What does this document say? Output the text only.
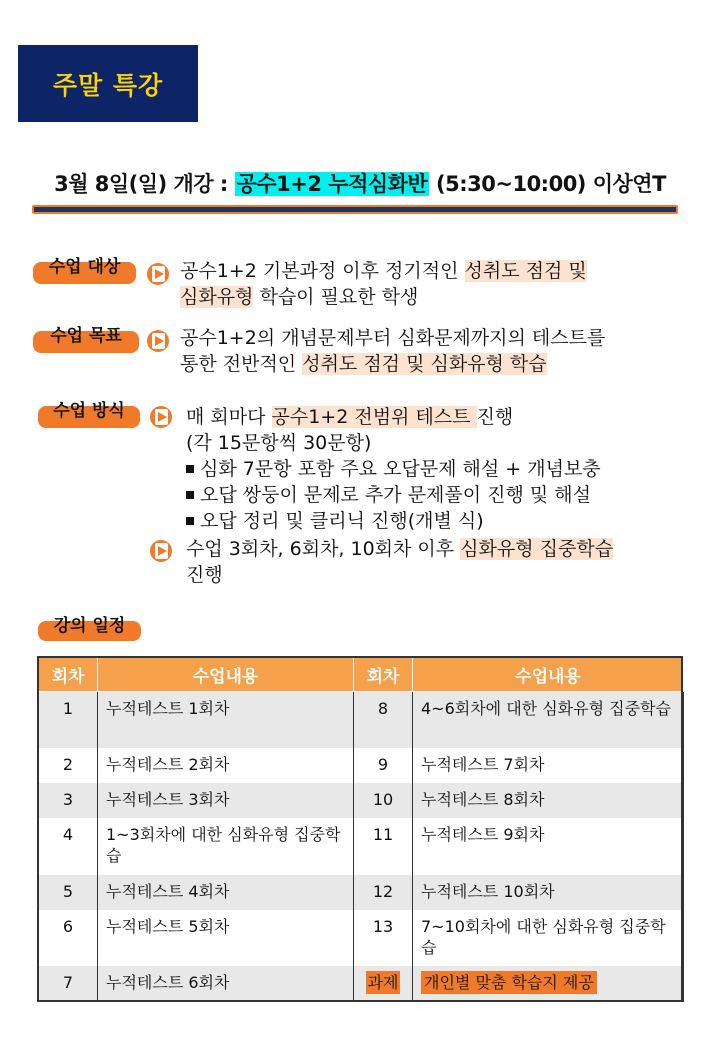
주말 특강
3월 8일(일) 개강 : 공수1+2 누적심화반 (5:30~10:00) 이상연T
수업 대상	공수1+2 기본과정 이후 정기적인 성취도 점검 및
심화유형 학습이 필요한 학생
수업 목표	공수1+2의 개념문제부터 심화문제까지의 테스트를
통한 전반적인 성취도 점검 및 심화유형 학습
수업 방식	매 회마다 공수1+2 전범위 테스트 진행
(각 15문항씩 30문항)
심화 7문항 포함 주요 오답문제 해설 + 개념보충
오답 쌍둥이 문제로 추가 문제풀이 진행 및 해설
오답 정리 및 클리닉 진행(개별 식)
수업 3회차, 6회차, 10회차 이후 심화유형 집중학습
진행
강의 일정
회차	수업내용	회차	수업내용
1	누적테스트 1회차	8	4~6회차에 대한 심화유형 집중학습
2	누적테스트 2회차	9	누적테스트 7회차
3	누적테스트 3회차	10	누적테스트 8회차
4	1~3회차에 대한 심화유형 집중학습	11	누적테스트 9회차
5	누적테스트 4회차	12	누적테스트 10회차
6	누적테스트 5회차	13	7~10회차에 대한 심화유형 집중학습
7	누적테스트 6회차	과제	개인별 맞춤 학습지 제공
